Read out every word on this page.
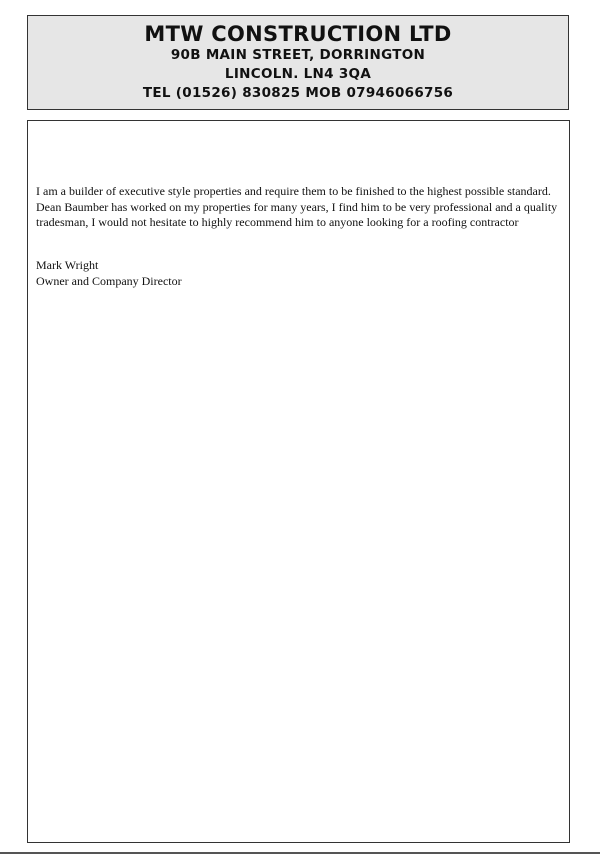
MTW CONSTRUCTION LTD
90B MAIN STREET, DORRINGTON
LINCOLN. LN4 3QA
TEL (01526) 830825 MOB 07946066756
I am a builder of executive style properties and require them to be finished to the highest possible standard. Dean Baumber has worked on my properties for many years, I find him to be very professional and a quality tradesman, I would not hesitate to highly recommend him to anyone looking for a roofing contractor
Mark Wright
Owner and Company Director
